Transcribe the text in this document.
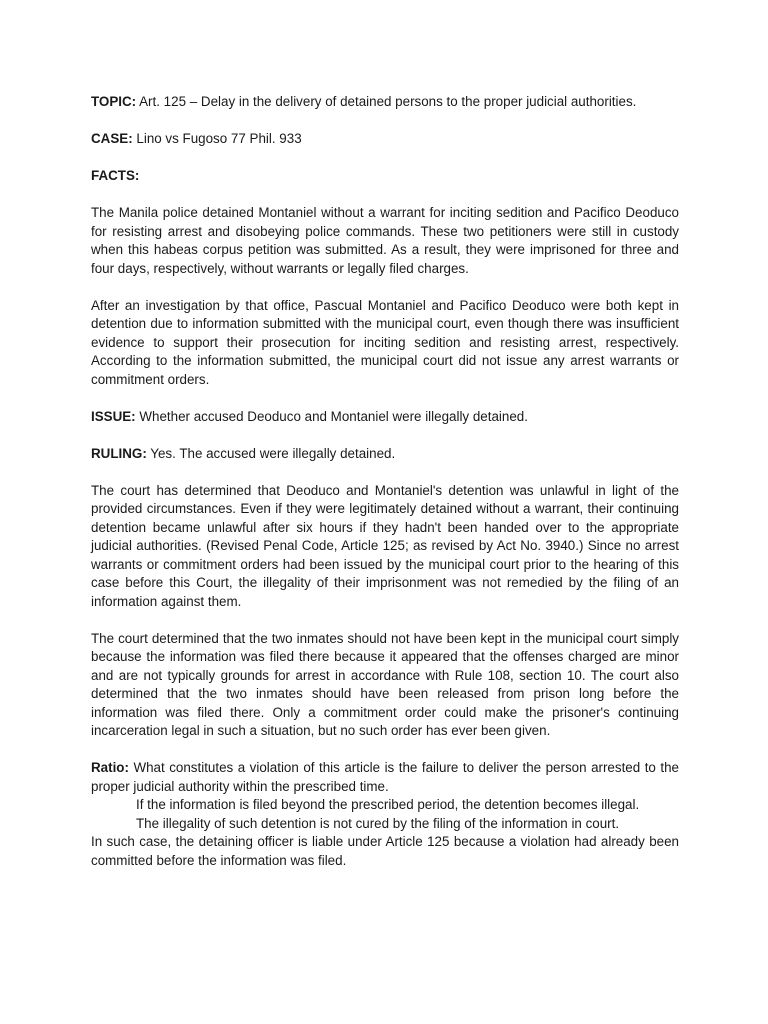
TOPIC: Art. 125 – Delay in the delivery of detained persons to the proper judicial authorities.

CASE: Lino vs Fugoso 77 Phil. 933

FACTS:

The Manila police detained Montaniel without a warrant for inciting sedition and Pacifico Deoduco for resisting arrest and disobeying police commands. These two petitioners were still in custody when this habeas corpus petition was submitted. As a result, they were imprisoned for three and four days, respectively, without warrants or legally filed charges.

After an investigation by that office, Pascual Montaniel and Pacifico Deoduco were both kept in detention due to information submitted with the municipal court, even though there was insufficient evidence to support their prosecution for inciting sedition and resisting arrest, respectively. According to the information submitted, the municipal court did not issue any arrest warrants or commitment orders.

ISSUE: Whether accused Deoduco and Montaniel were illegally detained.

RULING: Yes. The accused were illegally detained.

The court has determined that Deoduco and Montaniel's detention was unlawful in light of the provided circumstances. Even if they were legitimately detained without a warrant, their continuing detention became unlawful after six hours if they hadn't been handed over to the appropriate judicial authorities. (Revised Penal Code, Article 125; as revised by Act No. 3940.) Since no arrest warrants or commitment orders had been issued by the municipal court prior to the hearing of this case before this Court, the illegality of their imprisonment was not remedied by the filing of an information against them.

The court determined that the two inmates should not have been kept in the municipal court simply because the information was filed there because it appeared that the offenses charged are minor and are not typically grounds for arrest in accordance with Rule 108, section 10. The court also determined that the two inmates should have been released from prison long before the information was filed there. Only a commitment order could make the prisoner's continuing incarceration legal in such a situation, but no such order has ever been given.

Ratio: What constitutes a violation of this article is the failure to deliver the person arrested to the proper judicial authority within the prescribed time.

If the information is filed beyond the prescribed period, the detention becomes illegal.

The illegality of such detention is not cured by the filing of the information in court.

In such case, the detaining officer is liable under Article 125 because a violation had already been committed before the information was filed.
